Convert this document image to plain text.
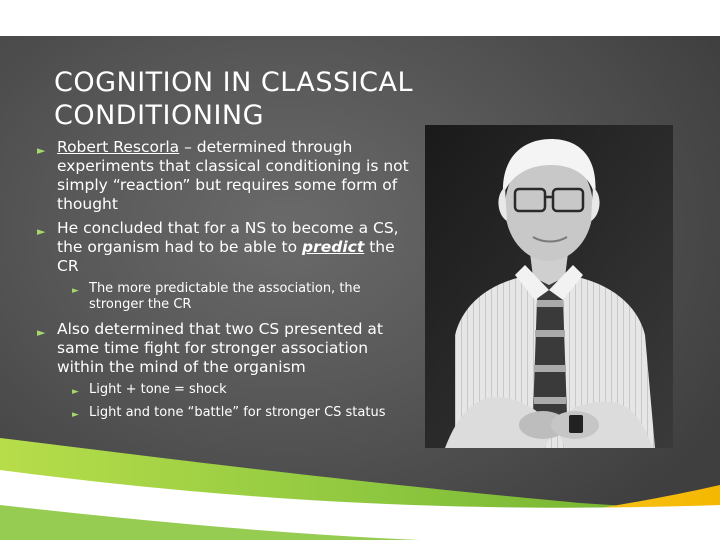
COGNITION IN CLASSICAL
CONDITIONING
► Robert Rescorla – determined through experiments that classical conditioning is not simply “reaction” but requires some form of thought
► He concluded that for a NS to become a CS, the organism had to be able to predict the CR
► The more predictable the association, the stronger the CR
► Also determined that two CS presented at same time fight for stronger association within the mind of the organism
► Light + tone = shock
► Light and tone “battle” for stronger CS status
